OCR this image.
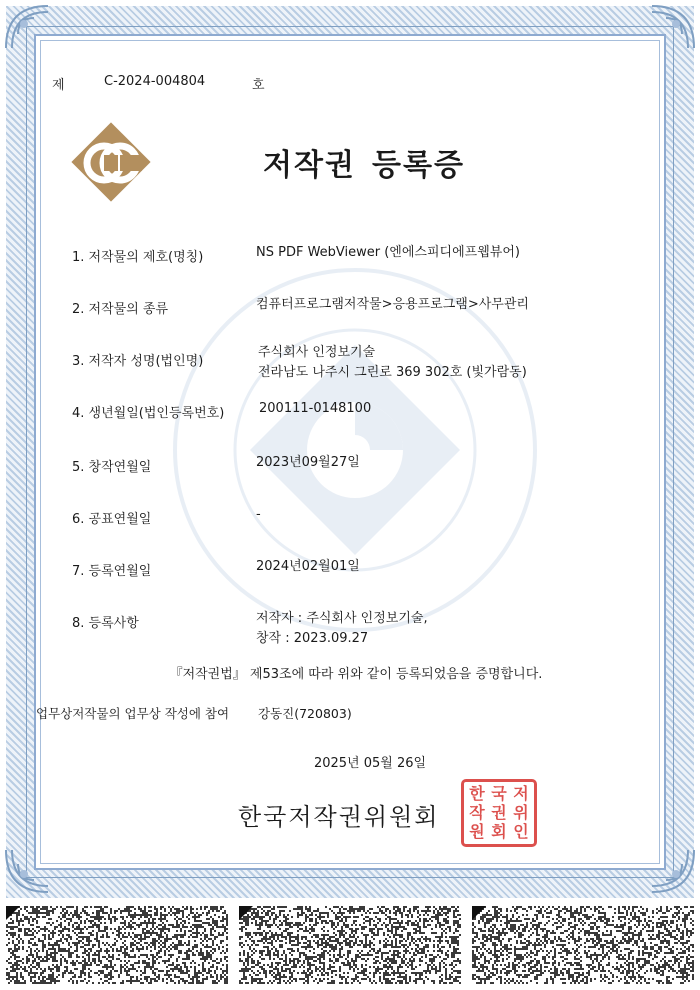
제	C-2024-004804	호
저작권 등록증
1. 저작물의 제호(명칭)	NS PDF WebViewer (엔에스피디에프웹뷰어)
2. 저작물의 종류	컴퓨터프로그램저작물>응용프로그램>사무관리
3. 저작자 성명(법인명)
주식회사 인정보기술
전라남도 나주시 그린로 369 302호 (빛가람동)
4. 생년월일(법인등록번호)	200111-0148100
5. 창작연월일	2023년09월27일
6. 공표연월일	-
7. 등록연월일	2024년02월01일
8. 등록사항	저작자 : 주식회사 인정보기술,
창작 : 2023.09.27
『저작권법』 제53조에 따라 위와 같이 등록되었음을 증명합니다.
업무상저작물의 업무상 작성에 참여 강동진(720803)
2025년 05월 26일
한국저작권위원회
한 국 저
작 권 위
원 회 인
